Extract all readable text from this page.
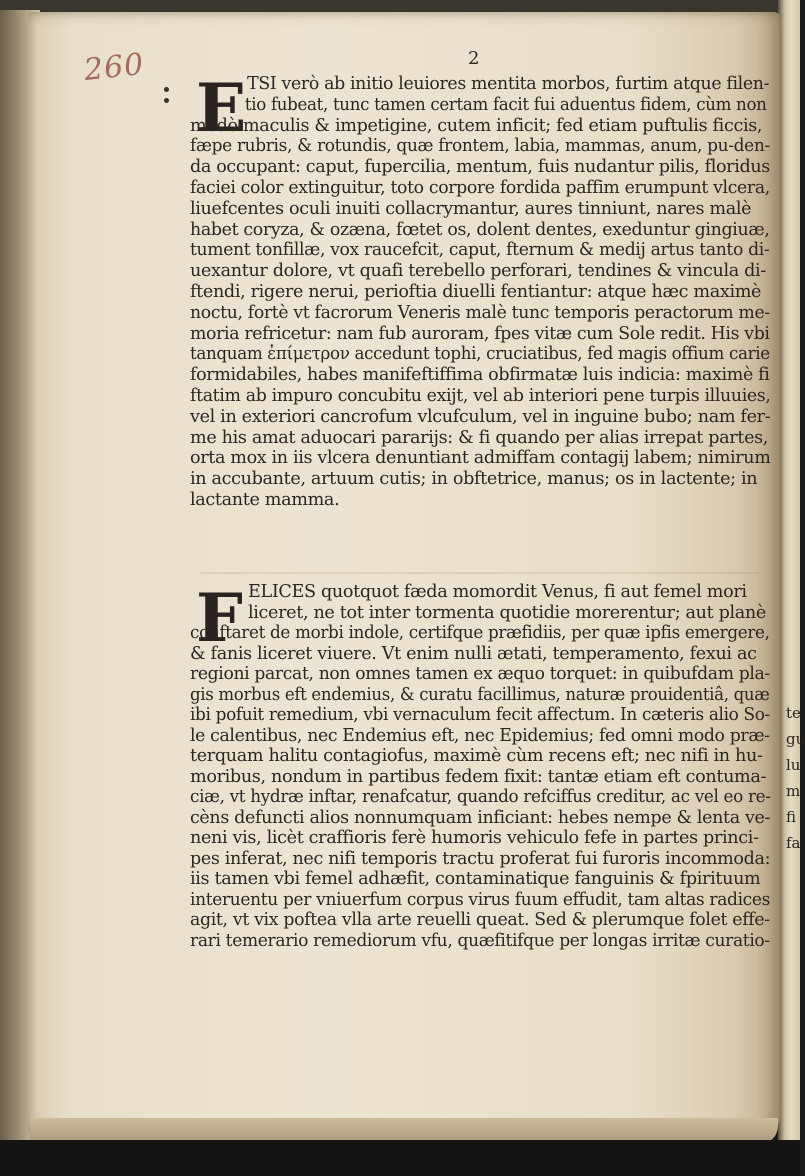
260	2
E TSI verò ab initio leuiores mentita morbos, furtim atque filen-
tio fubeat, tunc tamen certam facit fui aduentus fidem, cùm non
modò maculis & impetigine, cutem inficit; fed etiam puftulis ficcis,
fæpe rubris, & rotundis, quæ frontem, labia, mammas, anum, pu-den-
da occupant: caput, fupercilia, mentum, fuis nudantur pilis, floridus
faciei color extinguitur, toto corpore fordida paffim erumpunt vlcera,
liuefcentes oculi inuiti collacrymantur, aures tinniunt, nares malè
habet coryza, & ozæna, fœtet os, dolent dentes, exeduntur gingiuæ,
tument tonfillæ, vox raucefcit, caput, fternum & medij artus tanto di-
uexantur dolore, vt quafi terebello perforari, tendines & vincula di-
ftendi, rigere nerui, perioftia diuelli fentiantur: atque hæc maximè
noctu, fortè vt facrorum Veneris malè tunc temporis peractorum me-
moria refricetur: nam fub auroram, fpes vitæ cum Sole redit. His vbi
tanquam ἐπίμετρον accedunt tophi, cruciatibus, fed magis offium carie
formidabiles, habes manifeftiffima obfirmatæ luis indicia: maximè fi
ftatim ab impuro concubitu exijt, vel ab interiori pene turpis illuuies,
vel in exteriori cancrofum vlcufculum, vel in inguine bubo; nam fer-
me his amat aduocari pararijs: & fi quando per alias irrepat partes,
orta mox in iis vlcera denuntiant admiffam contagij labem; nimirum
in accubante, artuum cutis; in obftetrice, manus; os in lactente; in
lactante mamma.
F ELICES quotquot fæda momordit Venus, fi aut femel mori
liceret, ne tot inter tormenta quotidie morerentur; aut planè
conftaret de morbi indole, certifque præfidiis, per quæ ipfis emergere,
& fanis liceret viuere. Vt enim nulli ætati, temperamento, fexui ac
regioni parcat, non omnes tamen ex æquo torquet: in quibufdam pla-
gis morbus eft endemius, & curatu facillimus, naturæ prouidentiâ, quæ
ibi pofuit remedium, vbi vernaculum fecit affectum. In cæteris alio So-
le calentibus, nec Endemius eft, nec Epidemius; fed omni modo præ-
terquam halitu contagiofus, maximè cùm recens eft; nec nifi in hu-
moribus, nondum in partibus fedem fixit: tantæ etiam eft contuma-
ciæ, vt hydræ inftar, renafcatur, quando refciffus creditur, ac vel eo re-
cèns defuncti alios nonnumquam inficiant: hebes nempe & lenta ve-
neni vis, licèt craffioris ferè humoris vehiculo fefe in partes princi-
pes inferat, nec nifi temporis tractu proferat fui furoris incommoda:
iis tamen vbi femel adhæfit, contaminatique fanguinis & fpirituum
interuentu per vniuerfum corpus virus fuum effudit, tam altas radices
agit, vt vix poftea vlla arte reuelli queat. Sed & plerumque folet effe-
rari temerario remediorum vfu, quæfitifque per longas irritæ curatio-
te
gu
lu
m
fi
fa
